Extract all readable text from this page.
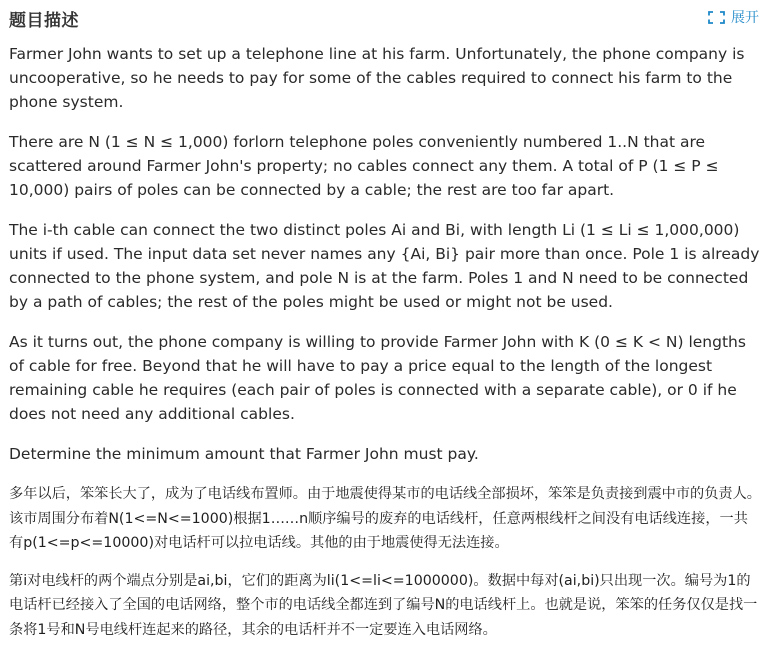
题目描述	展开

Farmer John wants to set up a telephone line at his farm. Unfortunately, the phone company is uncooperative, so he needs to pay for some of the cables required to connect his farm to the phone system.

There are N (1 ≤ N ≤ 1,000) forlorn telephone poles conveniently numbered 1..N that are scattered around Farmer John's property; no cables connect any them. A total of P (1 ≤ P ≤ 10,000) pairs of poles can be connected by a cable; the rest are too far apart.

The i-th cable can connect the two distinct poles Ai and Bi, with length Li (1 ≤ Li ≤ 1,000,000) units if used. The input data set never names any {Ai, Bi} pair more than once. Pole 1 is already connected to the phone system, and pole N is at the farm. Poles 1 and N need to be connected by a path of cables; the rest of the poles might be used or might not be used.

As it turns out, the phone company is willing to provide Farmer John with K (0 ≤ K < N) lengths of cable for free. Beyond that he will have to pay a price equal to the length of the longest remaining cable he requires (each pair of poles is connected with a separate cable), or 0 if he does not need any additional cables.

Determine the minimum amount that Farmer John must pay.

多年以后，笨笨长大了，成为了电话线布置师。由于地震使得某市的电话线全部损坏，笨笨是负责接到震中市的负责人。该市周围分布着N(1<=N<=1000)根据1……n顺序编号的废弃的电话线杆，任意两根线杆之间没有电话线连接，一共有p(1<=p<=10000)对电话杆可以拉电话线。其他的由于地震使得无法连接。

第i对电线杆的两个端点分别是ai,bi，它们的距离为li(1<=li<=1000000)。数据中每对(ai,bi)只出现一次。编号为1的电话杆已经接入了全国的电话网络，整个市的电话线全都连到了编号N的电话线杆上。也就是说，笨笨的任务仅仅是找一条将1号和N号电线杆连起来的路径，其余的电话杆并不一定要连入电话网络。
